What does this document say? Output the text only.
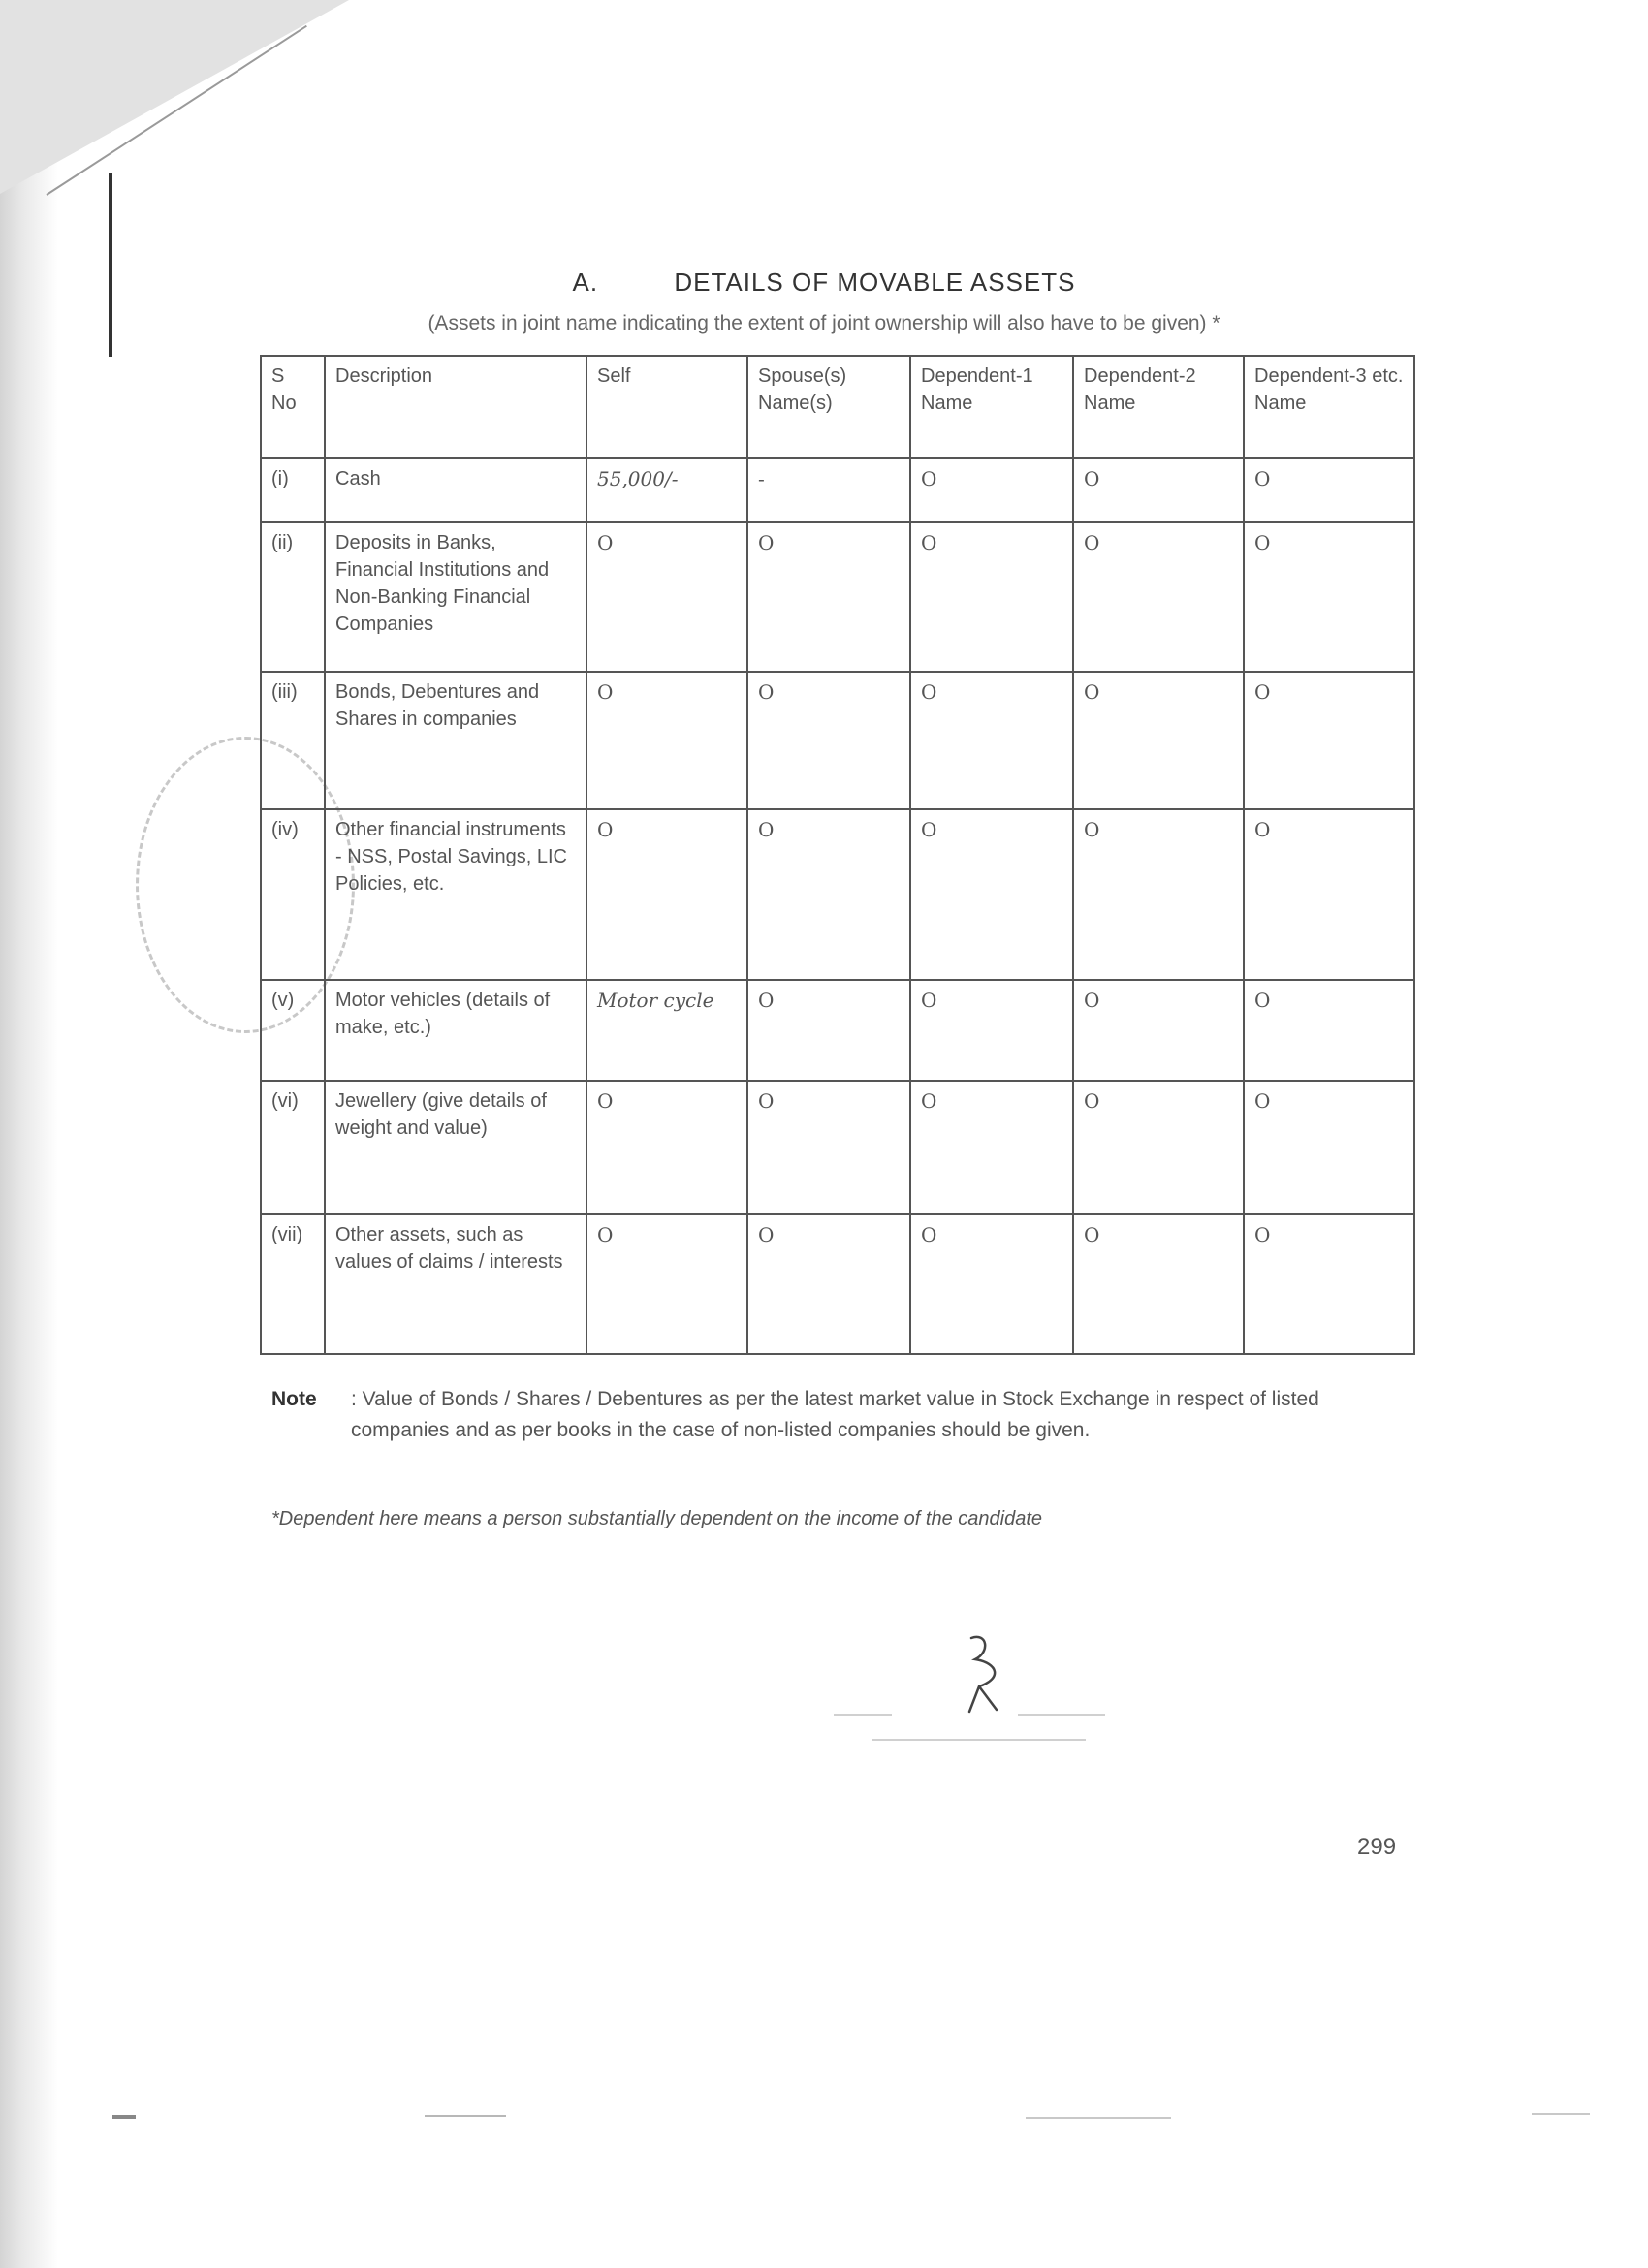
A.	DETAILS OF MOVABLE ASSETS
(Assets in joint name indicating the extent of joint ownership will also have to be given) *
S No	Description	Self	Spouse(s) Name(s)	Dependent-1 Name	Dependent-2 Name	Dependent-3 etc. Name
(i)	Cash	55,000/-	-	O	O	O
(ii)	Deposits in Banks, Financial Institutions and Non-Banking Financial Companies	O	O	O	O	O
(iii)	Bonds, Debentures and Shares in companies	O	O	O	O	O
(iv)	Other financial instruments - NSS, Postal Savings, LIC Policies, etc.	O	O	O	O	O
(v)	Motor vehicles (details of make, etc.)	Motor cycle	O	O	O	O
(vi)	Jewellery (give details of weight and value)	O	O	O	O	O
(vii)	Other assets, such as values of claims / interests	O	O	O	O	O
Note : Value of Bonds / Shares / Debentures as per the latest market value in Stock Exchange in respect of listed companies and as per books in the case of non-listed companies should be given.
*Dependent here means a person substantially dependent on the income of the candidate
299
